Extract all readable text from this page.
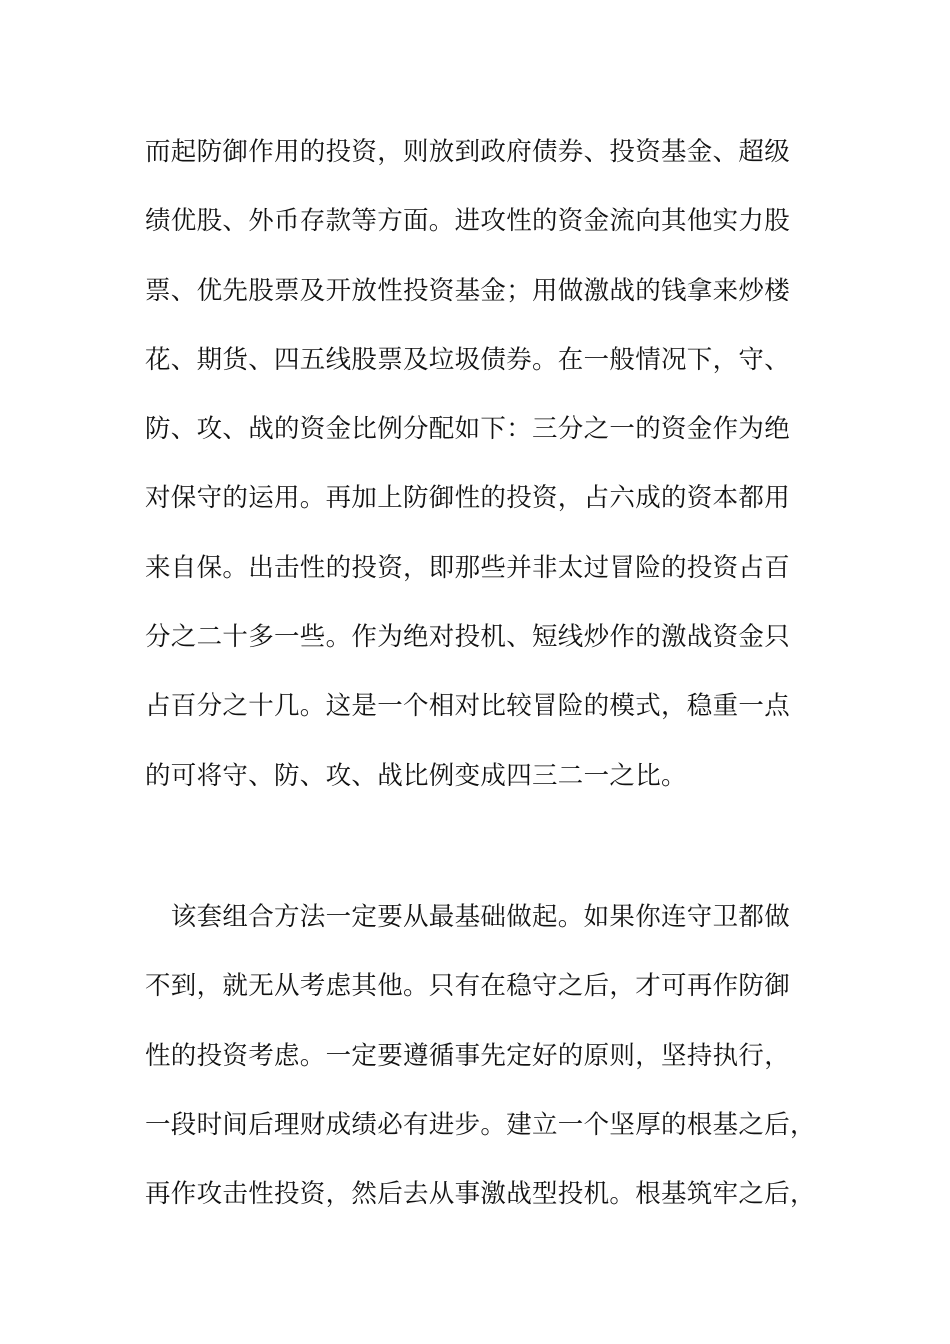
而起防御作用的投资，则放到政府债券、投资基金、超级
绩优股、外币存款等方面。进攻性的资金流向其他实力股
票、优先股票及开放性投资基金；用做激战的钱拿来炒楼
花、期货、四五线股票及垃圾债券。在一般情况下，守、
防、攻、战的资金比例分配如下：三分之一的资金作为绝
对保守的运用。再加上防御性的投资，占六成的资本都用
来自保。出击性的投资，即那些并非太过冒险的投资占百
分之二十多一些。作为绝对投机、短线炒作的激战资金只
占百分之十几。这是一个相对比较冒险的模式，稳重一点
的可将守、防、攻、战比例变成四三二一之比。
　该套组合方法一定要从最基础做起。如果你连守卫都做
不到，就无从考虑其他。只有在稳守之后，才可再作防御
性的投资考虑。一定要遵循事先定好的原则，坚持执行，
一段时间后理财成绩必有进步。建立一个坚厚的根基之后，
再作攻击性投资，然后去从事激战型投机。根基筑牢之后，
